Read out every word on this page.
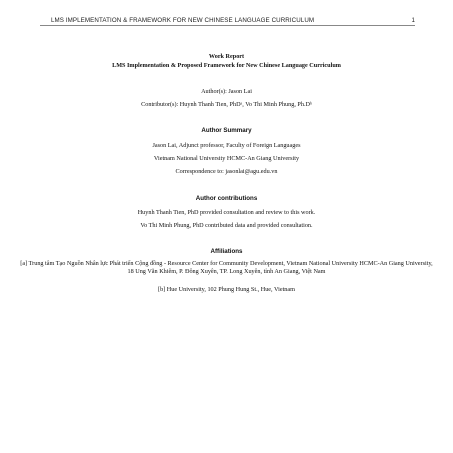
LMS IMPLEMENTATION & FRAMEWORK FOR NEW CHINESE LANGUAGE CURRICULUM	1
Work Report
LMS Implementation & Proposed Framework for New Chinese Language Curriculum
Author(s): Jason Lai
Contributor(s): Huynh Thanh Tien, PhDᵃ, Vo Thi Minh Phung, Ph.Dᵇ
Author Summary
Jason Lai, Adjunct professor, Faculty of Foreign Languages
Vietnam National University HCMC-An Giang University
Correspondence to: jasonlai@agu.edu.vn
Author contributions
Huynh Thanh Tien, PhD provided consultation and review to this work.
Vo Thi Minh Phung, PhD contributed data and provided consultation.
Affiliations
[a] Trung tâm Tạo Nguồn Nhân lực Phát triển Cộng đồng - Resource Center for Community Development, Vietnam National University HCMC-An Giang University, 18 Ung Văn Khiêm, P. Đông Xuyên, TP. Long Xuyên, tỉnh An Giang, Việt Nam
[b] Hue University, 102 Phung Hung St., Hue, Vietnam
